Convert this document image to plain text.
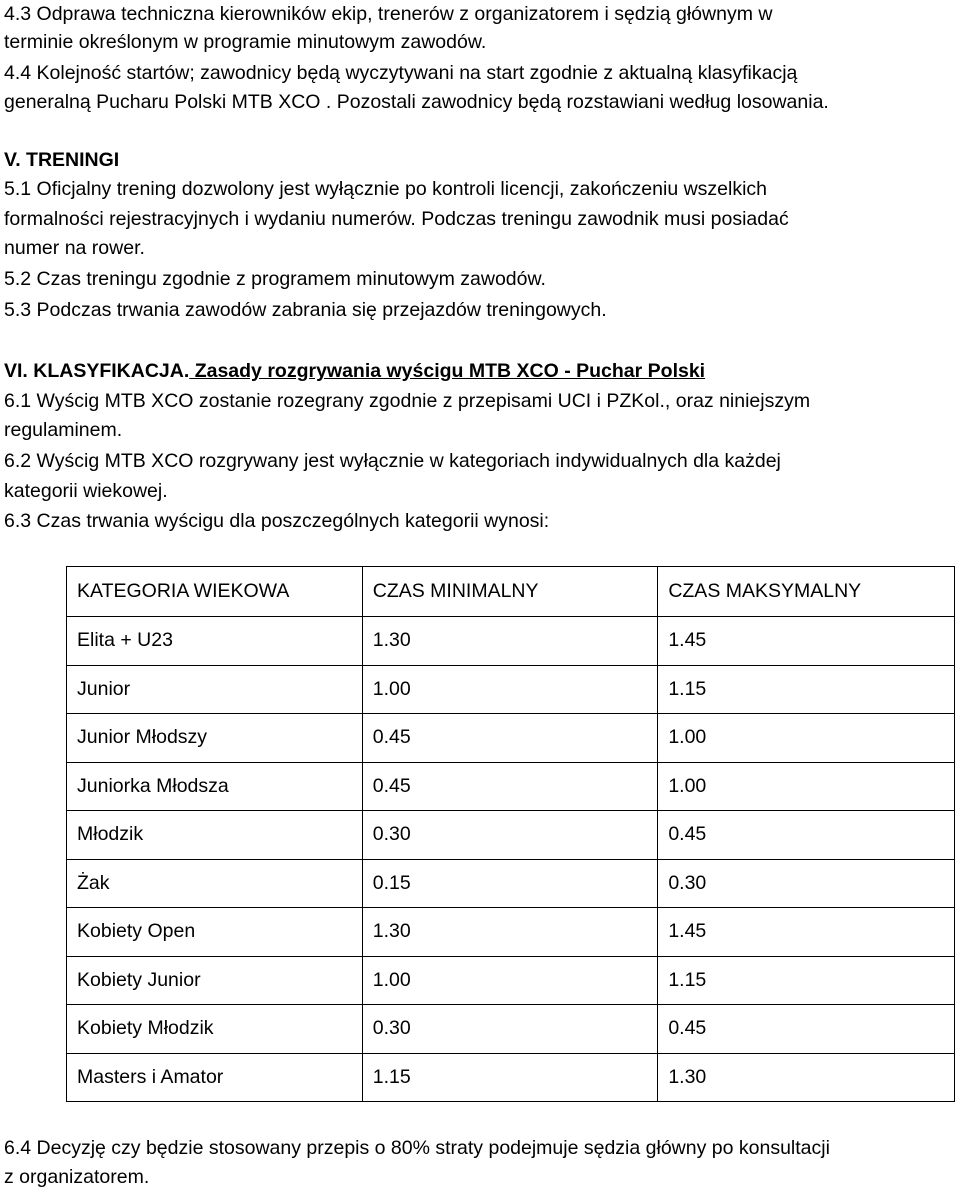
4.3 Odprawa techniczna kierowników ekip, trenerów z organizatorem i sędzią głównym w

terminie określonym w programie minutowym zawodów.

4.4 Kolejność startów; zawodnicy będą wyczytywani na start zgodnie z aktualną klasyfikacją

generalną Pucharu Polski MTB XCO . Pozostali zawodnicy będą rozstawiani według losowania.

V. TRENINGI

5.1 Oficjalny trening dozwolony jest wyłącznie po kontroli licencji, zakończeniu wszelkich

formalności rejestracyjnych i wydaniu numerów. Podczas treningu zawodnik musi posiadać

numer na rower.

5.2 Czas treningu zgodnie z programem minutowym zawodów.

5.3 Podczas trwania zawodów zabrania się przejazdów treningowych.

VI. KLASYFIKACJA. Zasady rozgrywania wyścigu MTB XCO - Puchar Polski

6.1 Wyścig MTB XCO zostanie rozegrany zgodnie z przepisami UCI i PZKol., oraz niniejszym

regulaminem.

6.2 Wyścig MTB XCO rozgrywany jest wyłącznie w kategoriach indywidualnych dla każdej

kategorii wiekowej.

6.3 Czas trwania wyścigu dla poszczególnych kategorii wynosi:

KATEGORIA WIEKOWA	CZAS MINIMALNY	CZAS MAKSYMALNY
Elita + U23	1.30	1.45
Junior	1.00	1.15
Junior Młodszy	0.45	1.00
Juniorka Młodsza	0.45	1.00
Młodzik	0.30	0.45
Żak	0.15	0.30
Kobiety Open	1.30	1.45
Kobiety Junior	1.00	1.15
Kobiety Młodzik	0.30	0.45
Masters i Amator	1.15	1.30

6.4 Decyzję czy będzie stosowany przepis o 80% straty podejmuje sędzia główny po konsultacji

z organizatorem.
